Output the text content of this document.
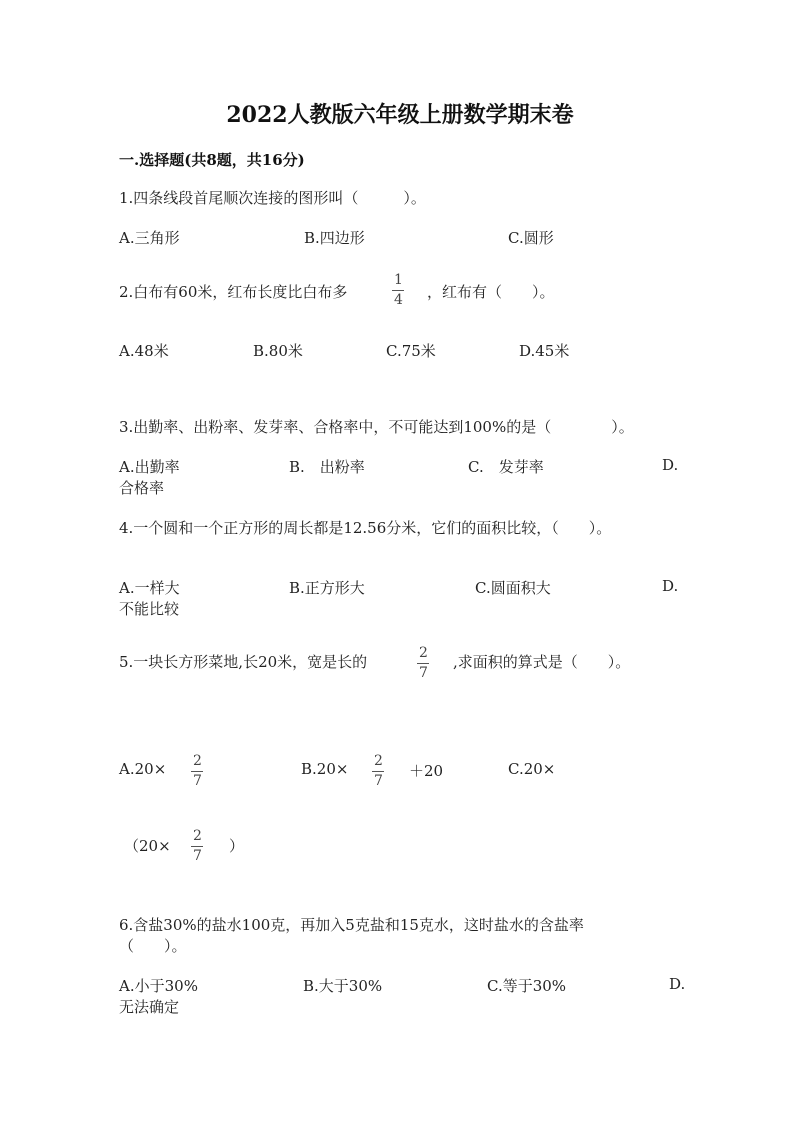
2022人教版六年级上册数学期末卷
一.选择题(共8题，共16分)
1.四条线段首尾顺次连接的图形叫（　　　）。
A.三角形	B.四边形	C.圆形
2.白布有60米，红布长度比白布多
1
4 ，红布有（　　）。
A.48米	B.80米	C.75米	D.45米
3.出勤率、出粉率、发芽率、合格率中，不可能达到100%的是（　　　　）。
A.出勤率	B.　出粉率	C.　发芽率	D.
合格率
4.一个圆和一个正方形的周长都是12.56分米，它们的面积比较，（　　）。
A.一样大	B.正方形大	C.圆面积大	D.
不能比较
5.一块长方形菜地,长20米，宽是长的	2
7
,求面积的算式是（　　）。
A.20× 2
7
B.20× 2
7
＋20	C.20×
（20×
2
7
）
6.含盐30%的盐水100克，再加入5克盐和15克水，这时盐水的含盐率
（　　）。
A.小于30%	B.大于30%	C.等于30%	D.
无法确定
